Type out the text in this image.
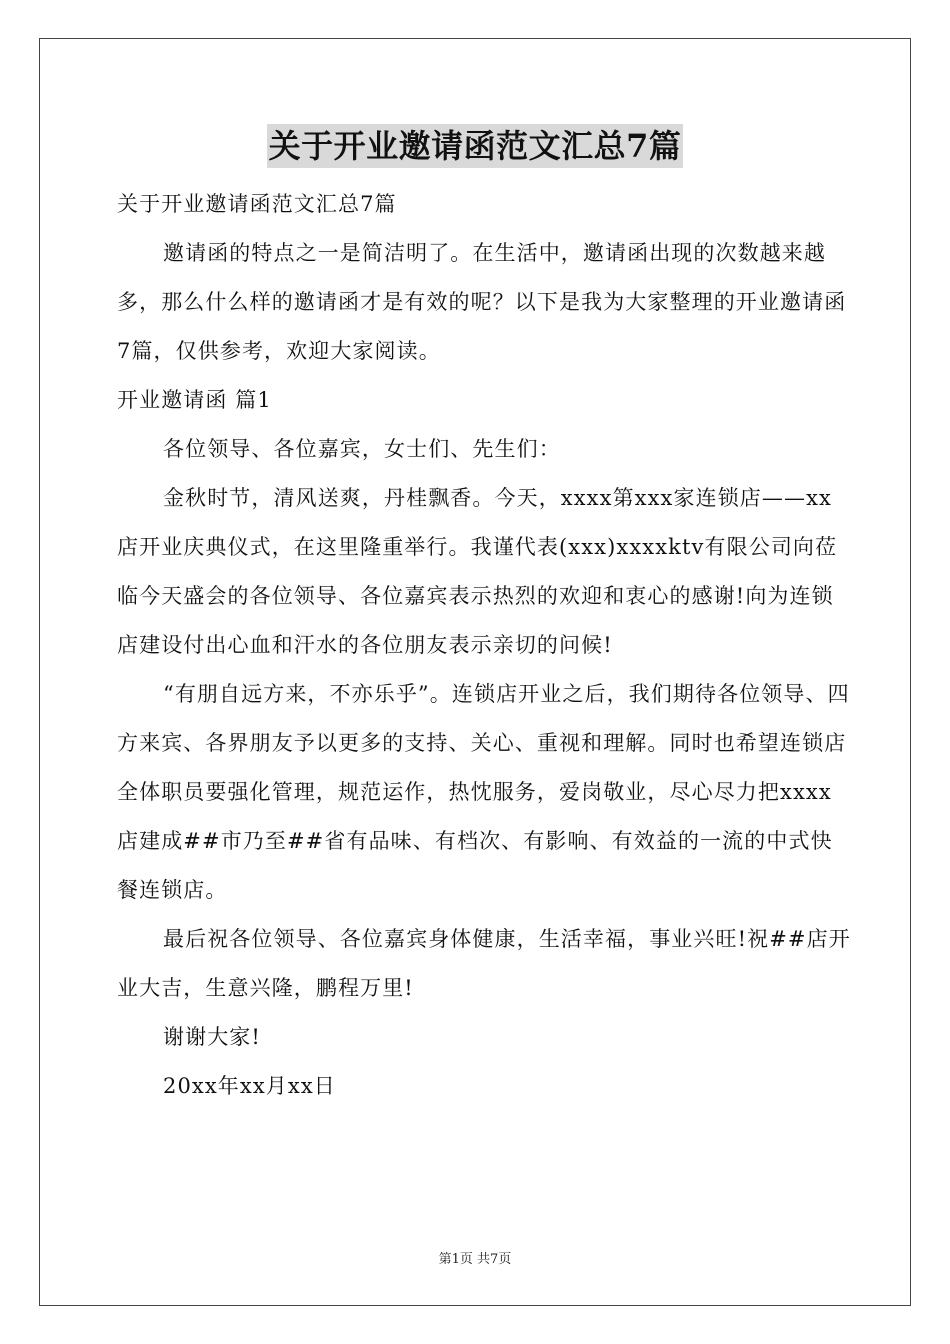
关于开业邀请函范文汇总7篇

关于开业邀请函范文汇总7篇

邀请函的特点之一是简洁明了。在生活中，邀请函出现的次数越来越多，那么什么样的邀请函才是有效的呢？以下是我为大家整理的开业邀请函7篇，仅供参考，欢迎大家阅读。

开业邀请函 篇1

各位领导、各位嘉宾，女士们、先生们：

金秋时节，清风送爽，丹桂飘香。今天，xxxx第xxx家连锁店——xx店开业庆典仪式，在这里隆重举行。我谨代表(xxx)xxxxktv有限公司向莅临今天盛会的各位领导、各位嘉宾表示热烈的欢迎和衷心的感谢!向为连锁店建设付出心血和汗水的各位朋友表示亲切的问候!

“有朋自远方来，不亦乐乎”。连锁店开业之后，我们期待各位领导、四方来宾、各界朋友予以更多的支持、关心、重视和理解。同时也希望连锁店全体职员要强化管理，规范运作，热忱服务，爱岗敬业，尽心尽力把xxxx店建成##市乃至##省有品味、有档次、有影响、有效益的一流的中式快餐连锁店。

最后祝各位领导、各位嘉宾身体健康，生活幸福，事业兴旺!祝##店开业大吉，生意兴隆，鹏程万里!

谢谢大家!

20xx年xx月xx日

第1页 共7页
